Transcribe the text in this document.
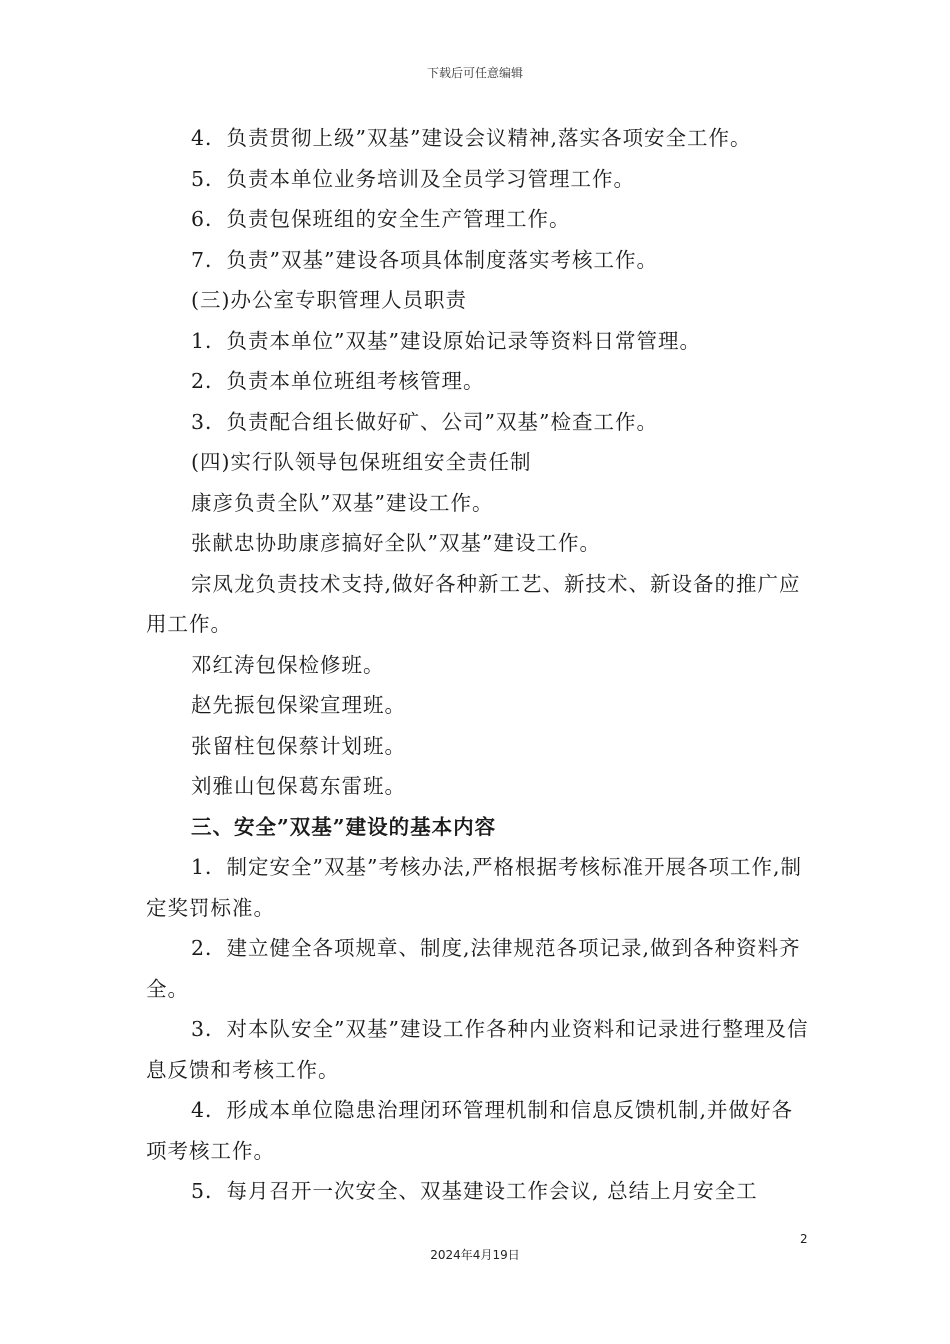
下载后可任意编辑
4．负责贯彻上级”双基”建设会议精神,落实各项安全工作。
5．负责本单位业务培训及全员学习管理工作。
6．负责包保班组的安全生产管理工作。
7．负责”双基”建设各项具体制度落实考核工作。
(三)办公室专职管理人员职责
1．负责本单位”双基”建设原始记录等资料日常管理。
2．负责本单位班组考核管理。
3．负责配合组长做好矿、公司”双基”检查工作。
(四)实行队领导包保班组安全责任制
康彦负责全队”双基”建设工作。
张献忠协助康彦搞好全队”双基”建设工作。
宗凤龙负责技术支持,做好各种新工艺、新技术、新设备的推广应用工作。
邓红涛包保检修班。
赵先振包保梁宣理班。
张留柱包保蔡计划班。
刘雅山包保葛东雷班。
三、安全”双基”建设的基本内容
1．制定安全”双基”考核办法,严格根据考核标准开展各项工作,制定奖罚标准。
2．建立健全各项规章、制度,法律规范各项记录,做到各种资料齐全。
3．对本队安全”双基”建设工作各种内业资料和记录进行整理及信息反馈和考核工作。
4．形成本单位隐患治理闭环管理机制和信息反馈机制,并做好各项考核工作。
5．每月召开一次安全、双基建设工作会议, 总结上月安全工
2
2024年4月19日
